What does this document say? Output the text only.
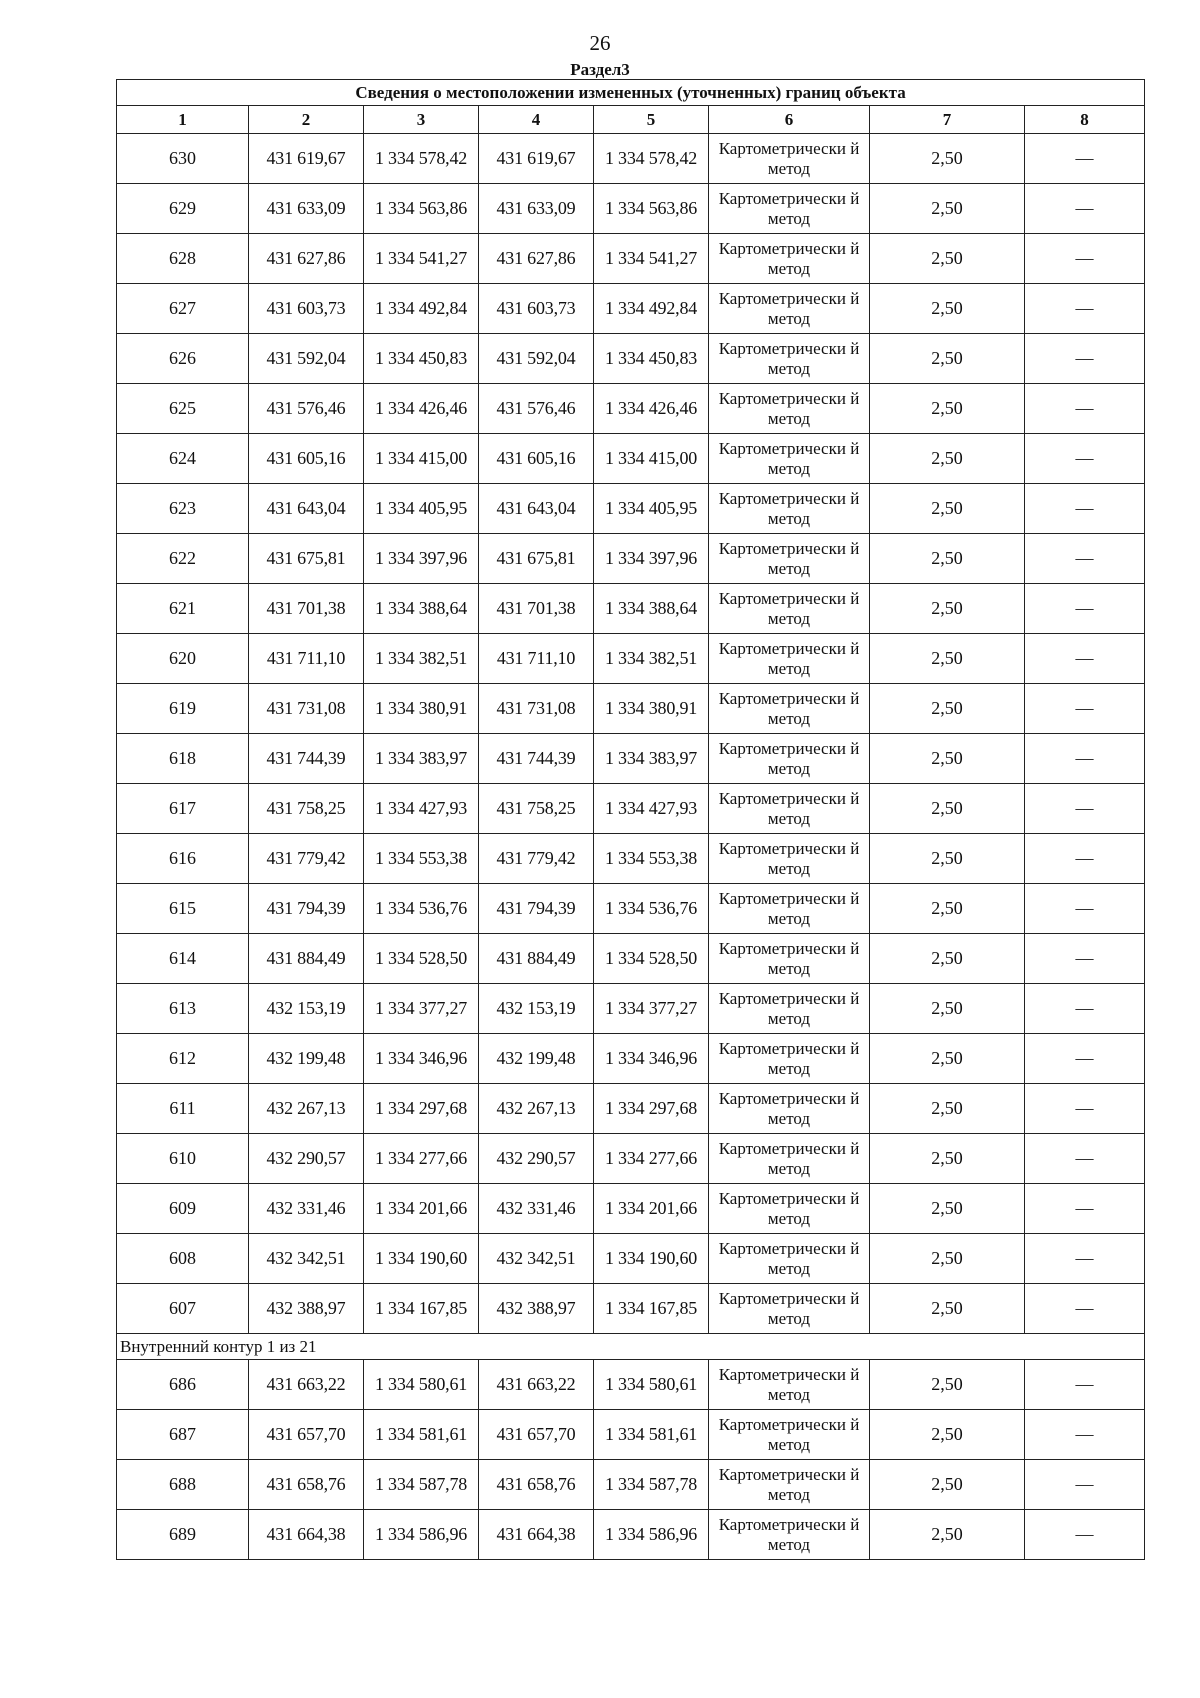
26
Раздел3
Сведения о местоположении измененных (уточненных) границ объекта							
1	2	3	4	5	6	7	8
630	431 619,67	1 334 578,42	431 619,67	1 334 578,42	Картометрически й метод	2,50	—
629	431 633,09	1 334 563,86	431 633,09	1 334 563,86	Картометрически й метод	2,50	—
628	431 627,86	1 334 541,27	431 627,86	1 334 541,27	Картометрически й метод	2,50	—
627	431 603,73	1 334 492,84	431 603,73	1 334 492,84	Картометрически й метод	2,50	—
626	431 592,04	1 334 450,83	431 592,04	1 334 450,83	Картометрически й метод	2,50	—
625	431 576,46	1 334 426,46	431 576,46	1 334 426,46	Картометрически й метод	2,50	—
624	431 605,16	1 334 415,00	431 605,16	1 334 415,00	Картометрически й метод	2,50	—
623	431 643,04	1 334 405,95	431 643,04	1 334 405,95	Картометрически й метод	2,50	—
622	431 675,81	1 334 397,96	431 675,81	1 334 397,96	Картометрически й метод	2,50	—
621	431 701,38	1 334 388,64	431 701,38	1 334 388,64	Картометрически й метод	2,50	—
620	431 711,10	1 334 382,51	431 711,10	1 334 382,51	Картометрически й метод	2,50	—
619	431 731,08	1 334 380,91	431 731,08	1 334 380,91	Картометрически й метод	2,50	—
618	431 744,39	1 334 383,97	431 744,39	1 334 383,97	Картометрически й метод	2,50	—
617	431 758,25	1 334 427,93	431 758,25	1 334 427,93	Картометрически й метод	2,50	—
616	431 779,42	1 334 553,38	431 779,42	1 334 553,38	Картометрически й метод	2,50	—
615	431 794,39	1 334 536,76	431 794,39	1 334 536,76	Картометрически й метод	2,50	—
614	431 884,49	1 334 528,50	431 884,49	1 334 528,50	Картометрически й метод	2,50	—
613	432 153,19	1 334 377,27	432 153,19	1 334 377,27	Картометрически й метод	2,50	—
612	432 199,48	1 334 346,96	432 199,48	1 334 346,96	Картометрически й метод	2,50	—
611	432 267,13	1 334 297,68	432 267,13	1 334 297,68	Картометрически й метод	2,50	—
610	432 290,57	1 334 277,66	432 290,57	1 334 277,66	Картометрически й метод	2,50	—
609	432 331,46	1 334 201,66	432 331,46	1 334 201,66	Картометрически й метод	2,50	—
608	432 342,51	1 334 190,60	432 342,51	1 334 190,60	Картометрически й метод	2,50	—
607	432 388,97	1 334 167,85	432 388,97	1 334 167,85	Картометрически й метод	2,50	—
Внутренний контур 1 из 21							
686	431 663,22	1 334 580,61	431 663,22	1 334 580,61	Картометрически й метод	2,50	—
687	431 657,70	1 334 581,61	431 657,70	1 334 581,61	Картометрически й метод	2,50	—
688	431 658,76	1 334 587,78	431 658,76	1 334 587,78	Картометрически й метод	2,50	—
689	431 664,38	1 334 586,96	431 664,38	1 334 586,96	Картометрически й метод	2,50	—
